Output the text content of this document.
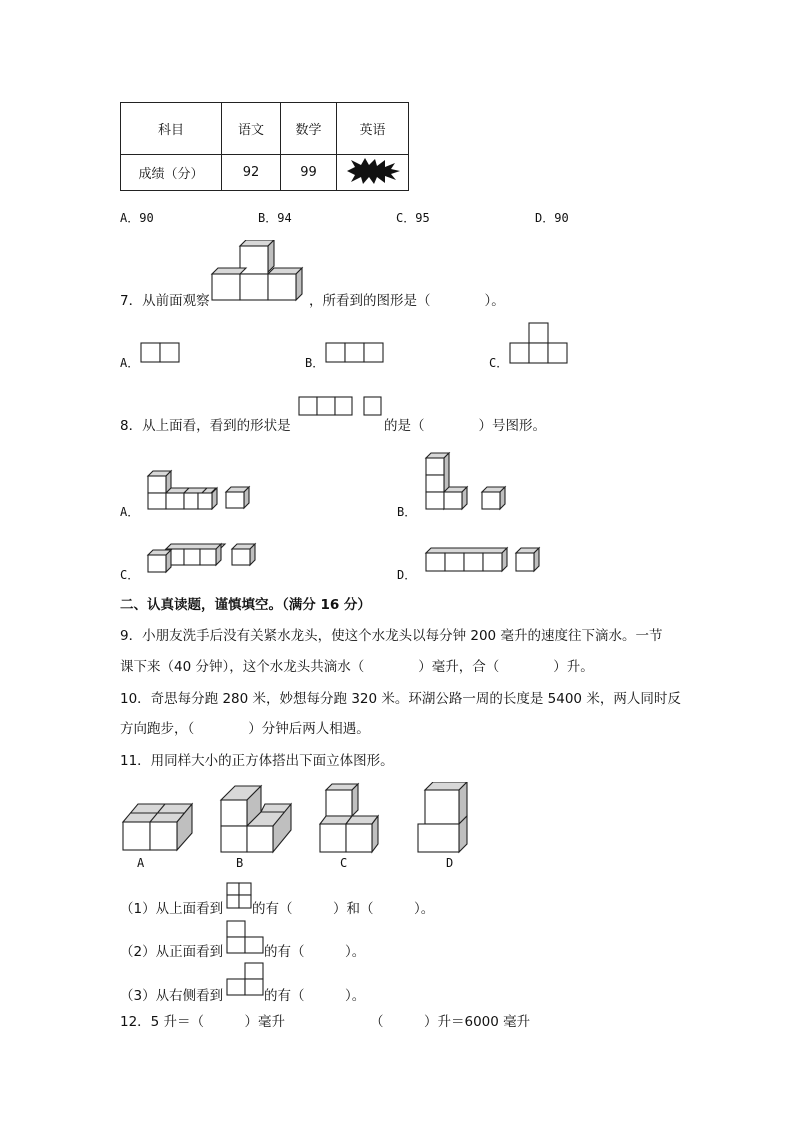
科目	语文	数学	英语
成绩（分）	92	99	
A．90	B．94	C．95	D．90
7．从前面观察	，所看到的图形是（　　　　）。
A．	B．	C．
8．从上面看，看到的形状是	的是（　　　　）号图形。
A．	B．
C．	D．
二、认真读题，谨慎填空。（满分 16 分）
9．小朋友洗手后没有关紧水龙头，使这个水龙头以每分钟 200 毫升的速度往下滴水。一节
课下来（40 分钟），这个水龙头共滴水（　　　　）毫升，合（　　　　）升。
10．奇思每分跑 280 米，妙想每分跑 320 米。环湖公路一周的长度是 5400 米，两人同时反
方向跑步，（　　　　）分钟后两人相遇。
11．用同样大小的正方体搭出下面立体图形。
A	B	C	D
（1）从上面看到 的有（　　　）和（　　　）。
（2）从正面看到	的有（　　　）。
（3）从右侧看到	的有（　　　）。
12．5 升＝（　　　）毫升	（　　　）升＝6000 毫升
